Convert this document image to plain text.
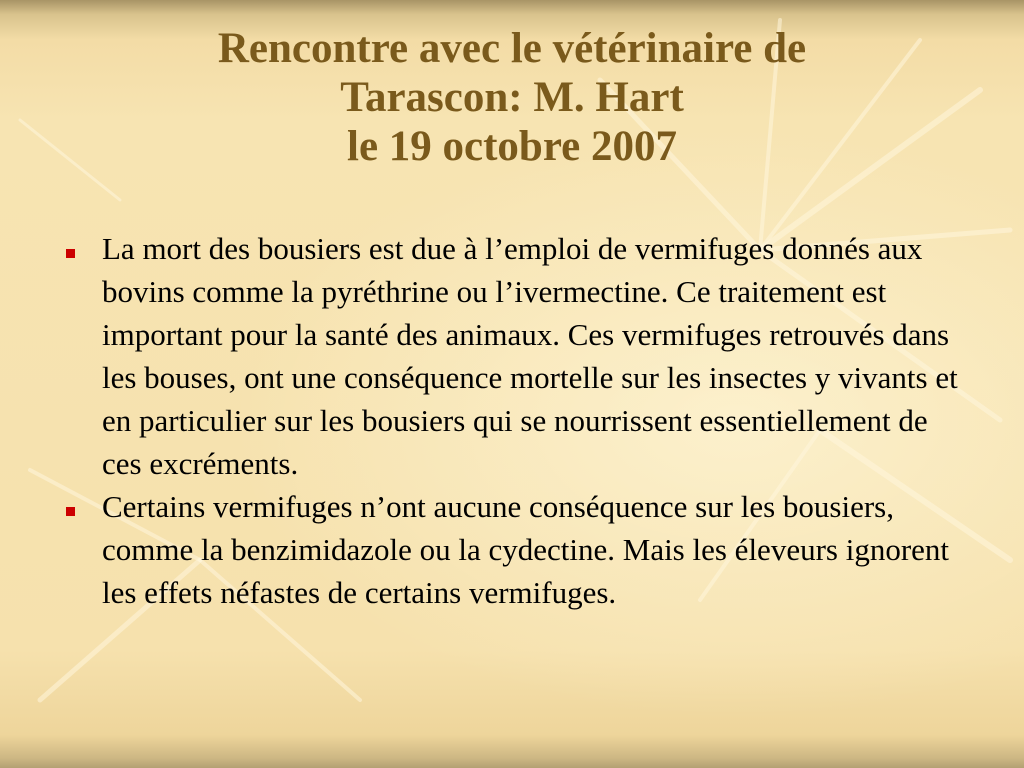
Rencontre avec le vétérinaire de
Tarascon: M. Hart
le 19 octobre 2007
La mort des bousiers est due à l’emploi de vermifuges donnés aux bovins comme la pyréthrine ou l’ivermectine. Ce traitement est important pour la santé des animaux. Ces vermifuges retrouvés dans les bouses, ont une conséquence mortelle sur les insectes y vivants et en particulier sur les bousiers qui se nourrissent essentiellement de ces excréments.
Certains vermifuges n’ont aucune conséquence sur les bousiers, comme la benzimidazole ou la cydectine. Mais les éleveurs ignorent les effets néfastes de certains vermifuges.
